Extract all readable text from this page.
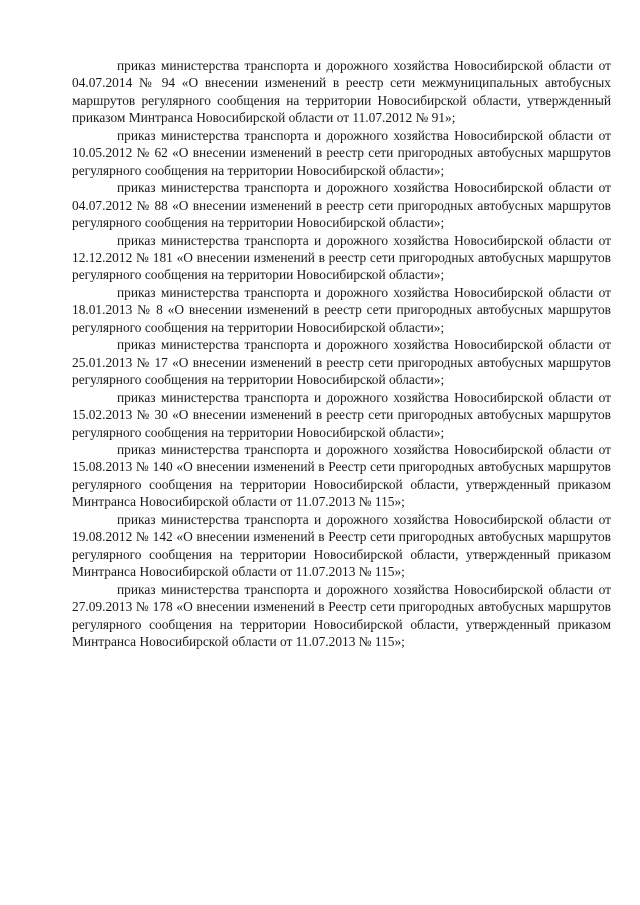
приказ министерства транспорта и дорожного хозяйства Новосибирской области от 04.07.2014 № 94 «О внесении изменений в реестр сети межмуниципальных автобусных маршрутов регулярного сообщения на территории Новосибирской области, утвержденный приказом Минтранса Новосибирской области от 11.07.2012 № 91»;

приказ министерства транспорта и дорожного хозяйства Новосибирской области от 10.05.2012 № 62 «О внесении изменений в реестр сети пригородных автобусных маршрутов регулярного сообщения на территории Новосибирской области»;

приказ министерства транспорта и дорожного хозяйства Новосибирской области от 04.07.2012 № 88 «О внесении изменений в реестр сети пригородных автобусных маршрутов регулярного сообщения на территории Новосибирской области»;

приказ министерства транспорта и дорожного хозяйства Новосибирской области от 12.12.2012 № 181 «О внесении изменений в реестр сети пригородных автобусных маршрутов регулярного сообщения на территории Новосибирской области»;

приказ министерства транспорта и дорожного хозяйства Новосибирской области от 18.01.2013 № 8 «О внесении изменений в реестр сети пригородных автобусных маршрутов регулярного сообщения на территории Новосибирской области»;

приказ министерства транспорта и дорожного хозяйства Новосибирской области от 25.01.2013 № 17 «О внесении изменений в реестр сети пригородных автобусных маршрутов регулярного сообщения на территории Новосибирской области»;

приказ министерства транспорта и дорожного хозяйства Новосибирской области от 15.02.2013 № 30 «О внесении изменений в реестр сети пригородных автобусных маршрутов регулярного сообщения на территории Новосибирской области»;

приказ министерства транспорта и дорожного хозяйства Новосибирской области от 15.08.2013 № 140 «О внесении изменений в Реестр сети пригородных автобусных маршрутов регулярного сообщения на территории Новосибирской области, утвержденный приказом Минтранса Новосибирской области от 11.07.2013 № 115»;

приказ министерства транспорта и дорожного хозяйства Новосибирской области от 19.08.2012 № 142 «О внесении изменений в Реестр сети пригородных автобусных маршрутов регулярного сообщения на территории Новосибирской области, утвержденный приказом Минтранса Новосибирской области от 11.07.2013 № 115»;

приказ министерства транспорта и дорожного хозяйства Новосибирской области от 27.09.2013 № 178 «О внесении изменений в Реестр сети пригородных автобусных маршрутов регулярного сообщения на территории Новосибирской области, утвержденный приказом Минтранса Новосибирской области от 11.07.2013 № 115»;
